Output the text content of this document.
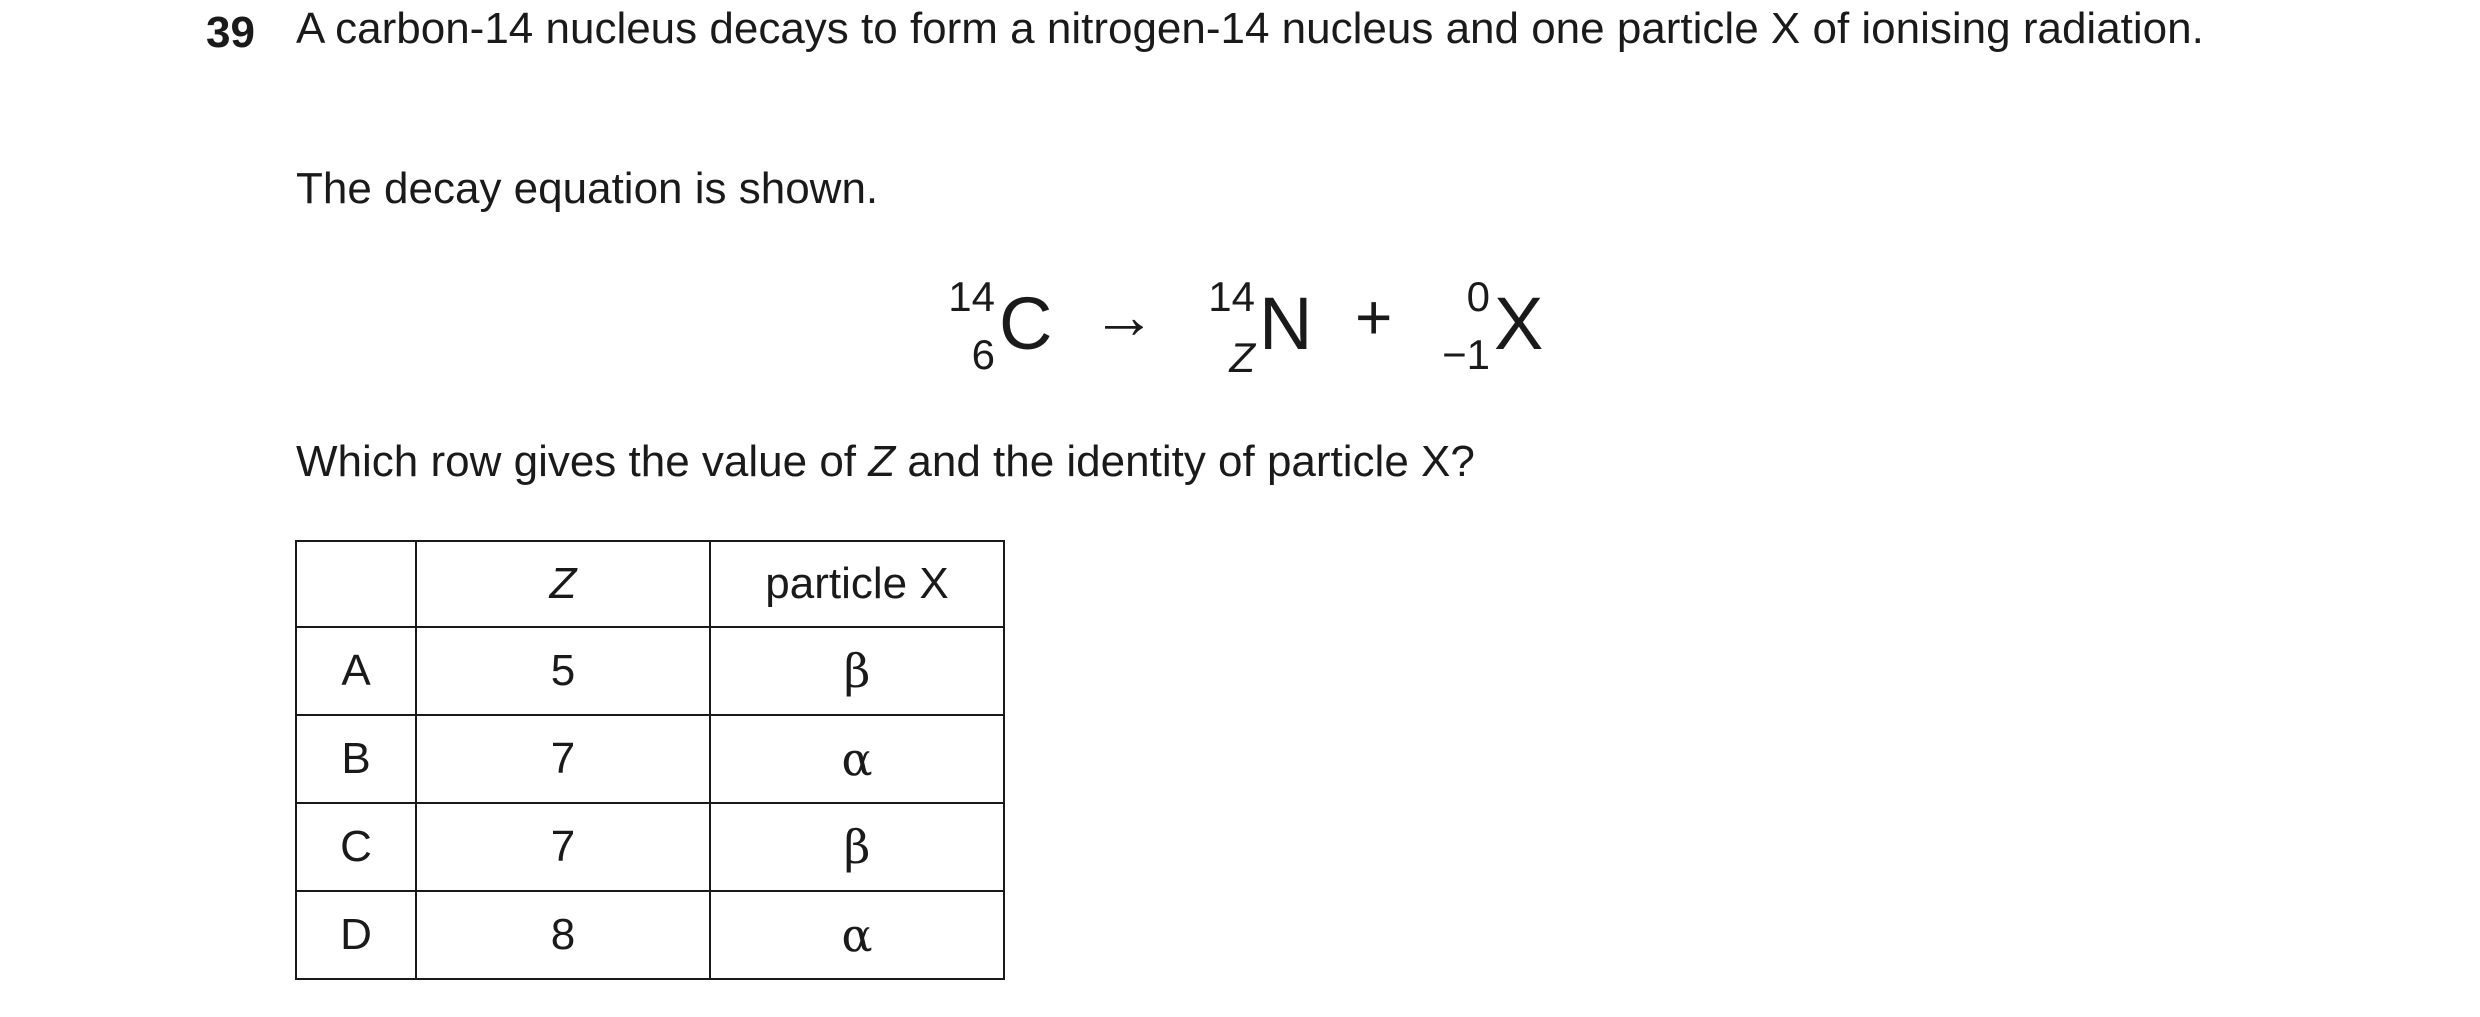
39 A carbon-14 nucleus decays to form a nitrogen-14 nucleus and one particle X of ionising radiation.
The decay equation is shown.
14
6 C →	14
Z N +	0
−1 X
Which row gives the value of Z and the identity of particle X?
	Z	particle X
A	5	β
B	7	α
C	7	β
D	8	α
